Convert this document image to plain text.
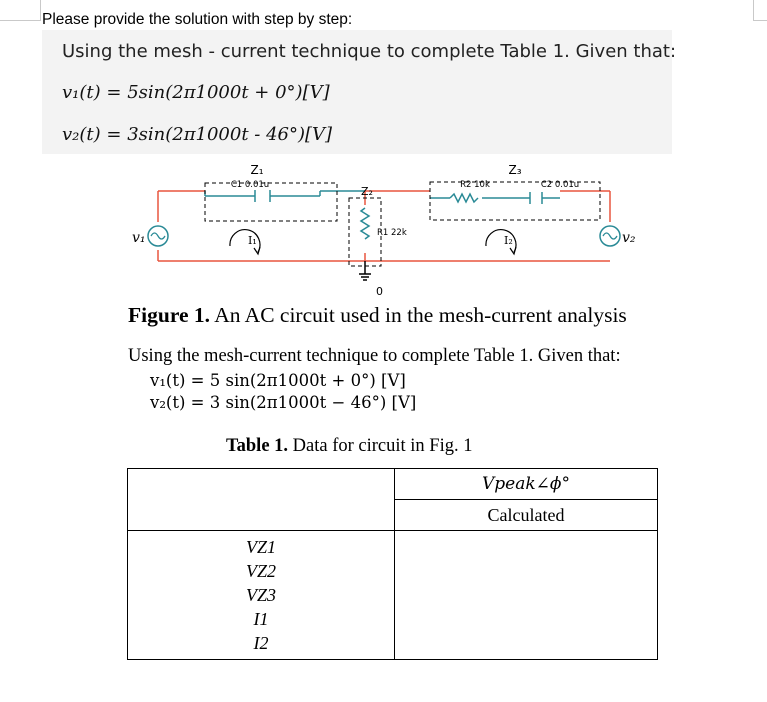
Please provide the solution with step by step:
Using the mesh - current technique to complete Table 1. Given that:
v₁(t) = 5sin(2π1000t + 0°)[V]
v₂(t) = 3sin(2π1000t - 46°)[V]
Z₁
C1 0.01u	Z₂
R1 22k
Z₃
R2 10k	C2 0.01u
v₁	v₂
I₁	I₂
0
Figure 1. An AC circuit used in the mesh-current analysis
Using the mesh-current technique to complete Table 1. Given that:
v₁(t) = 5 sin(2π1000t + 0°) [V]
v₂(t) = 3 sin(2π1000t − 46°) [V]
Table 1. Data for circuit in Fig. 1
	Vpeak∠ϕ°
	Calculated

VZ1
VZ2
VZ3
I1
I2	
